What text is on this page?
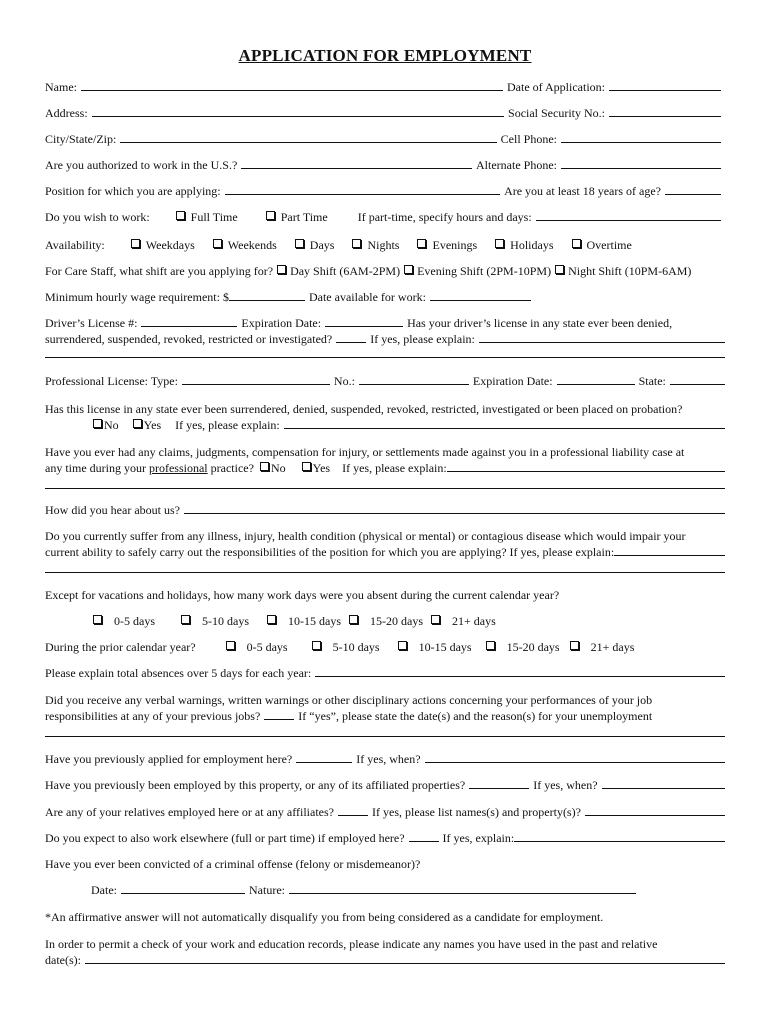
APPLICATION FOR EMPLOYMENT
Name:	Date of Application:
Address:	Social Security No.:
City/State/Zip:	Cell Phone:
Are you authorized to work in the U.S.?	Alternate Phone:
Position for which you are applying:	Are you at least 18 years of age?
Do you wish to work:	Full Time	Part Time	If part-time, specify hours and days:
Availability:	Weekdays	Weekends	Days	Nights	Evenings	Holidays	Overtime
For Care Staff, what shift are you applying for? Day Shift (6AM-2PM) Evening Shift (2PM-10PM) Night Shift (10PM-6AM)
Minimum hourly wage requirement: $	Date available for work:
Driver’s License #:	Expiration Date:	Has your driver’s license in any state ever been denied,
surrendered, suspended, revoked, restricted or investigated?	If yes, please explain:
Professional License: Type:	No.:	Expiration Date:	State:
Has this license in any state ever been surrendered, denied, suspended, revoked, restricted, investigated or been placed on probation?
No Yes If yes, please explain:
Have you ever had any claims, judgments, compensation for injury, or settlements made against you in a professional liability case at
any time during your
professional
practice? No Yes If yes, please explain:
How did you hear about us?
Do you currently suffer from any illness, injury, health condition (physical or mental) or contagious disease which would impair your
current ability to safely carry out the responsibilities of the position for which you are applying? If yes, please explain:
Except for vacations and holidays, how many work days were you absent during the current calendar year?
0-5 days	5-10 days	10-15 days 15-20 days 21+ days
During the prior calendar year?	0-5 days	5-10 days	10-15 days	15-20 days	21+ days
Please explain total absences over 5 days for each year:
Did you receive any verbal warnings, written warnings or other disciplinary actions concerning your performances of your job
responsibilities at any of your previous jobs?	If “yes”, please state the date(s) and the reason(s) for your unemployment
Have you previously applied for employment here?	If yes, when?
Have you previously been employed by this property, or any of its affiliated properties?	If yes, when?
Are any of your relatives employed here or at any affiliates?	If yes, please list names(s) and property(s)?
Do you expect to also work elsewhere (full or part time) if employed here?	If yes, explain:
Have you ever been convicted of a criminal offense (felony or misdemeanor)?
Date:	Nature:
*An affirmative answer will not automatically disqualify you from being considered as a candidate for employment.
In order to permit a check of your work and education records, please indicate any names you have used in the past and relative
date(s):
